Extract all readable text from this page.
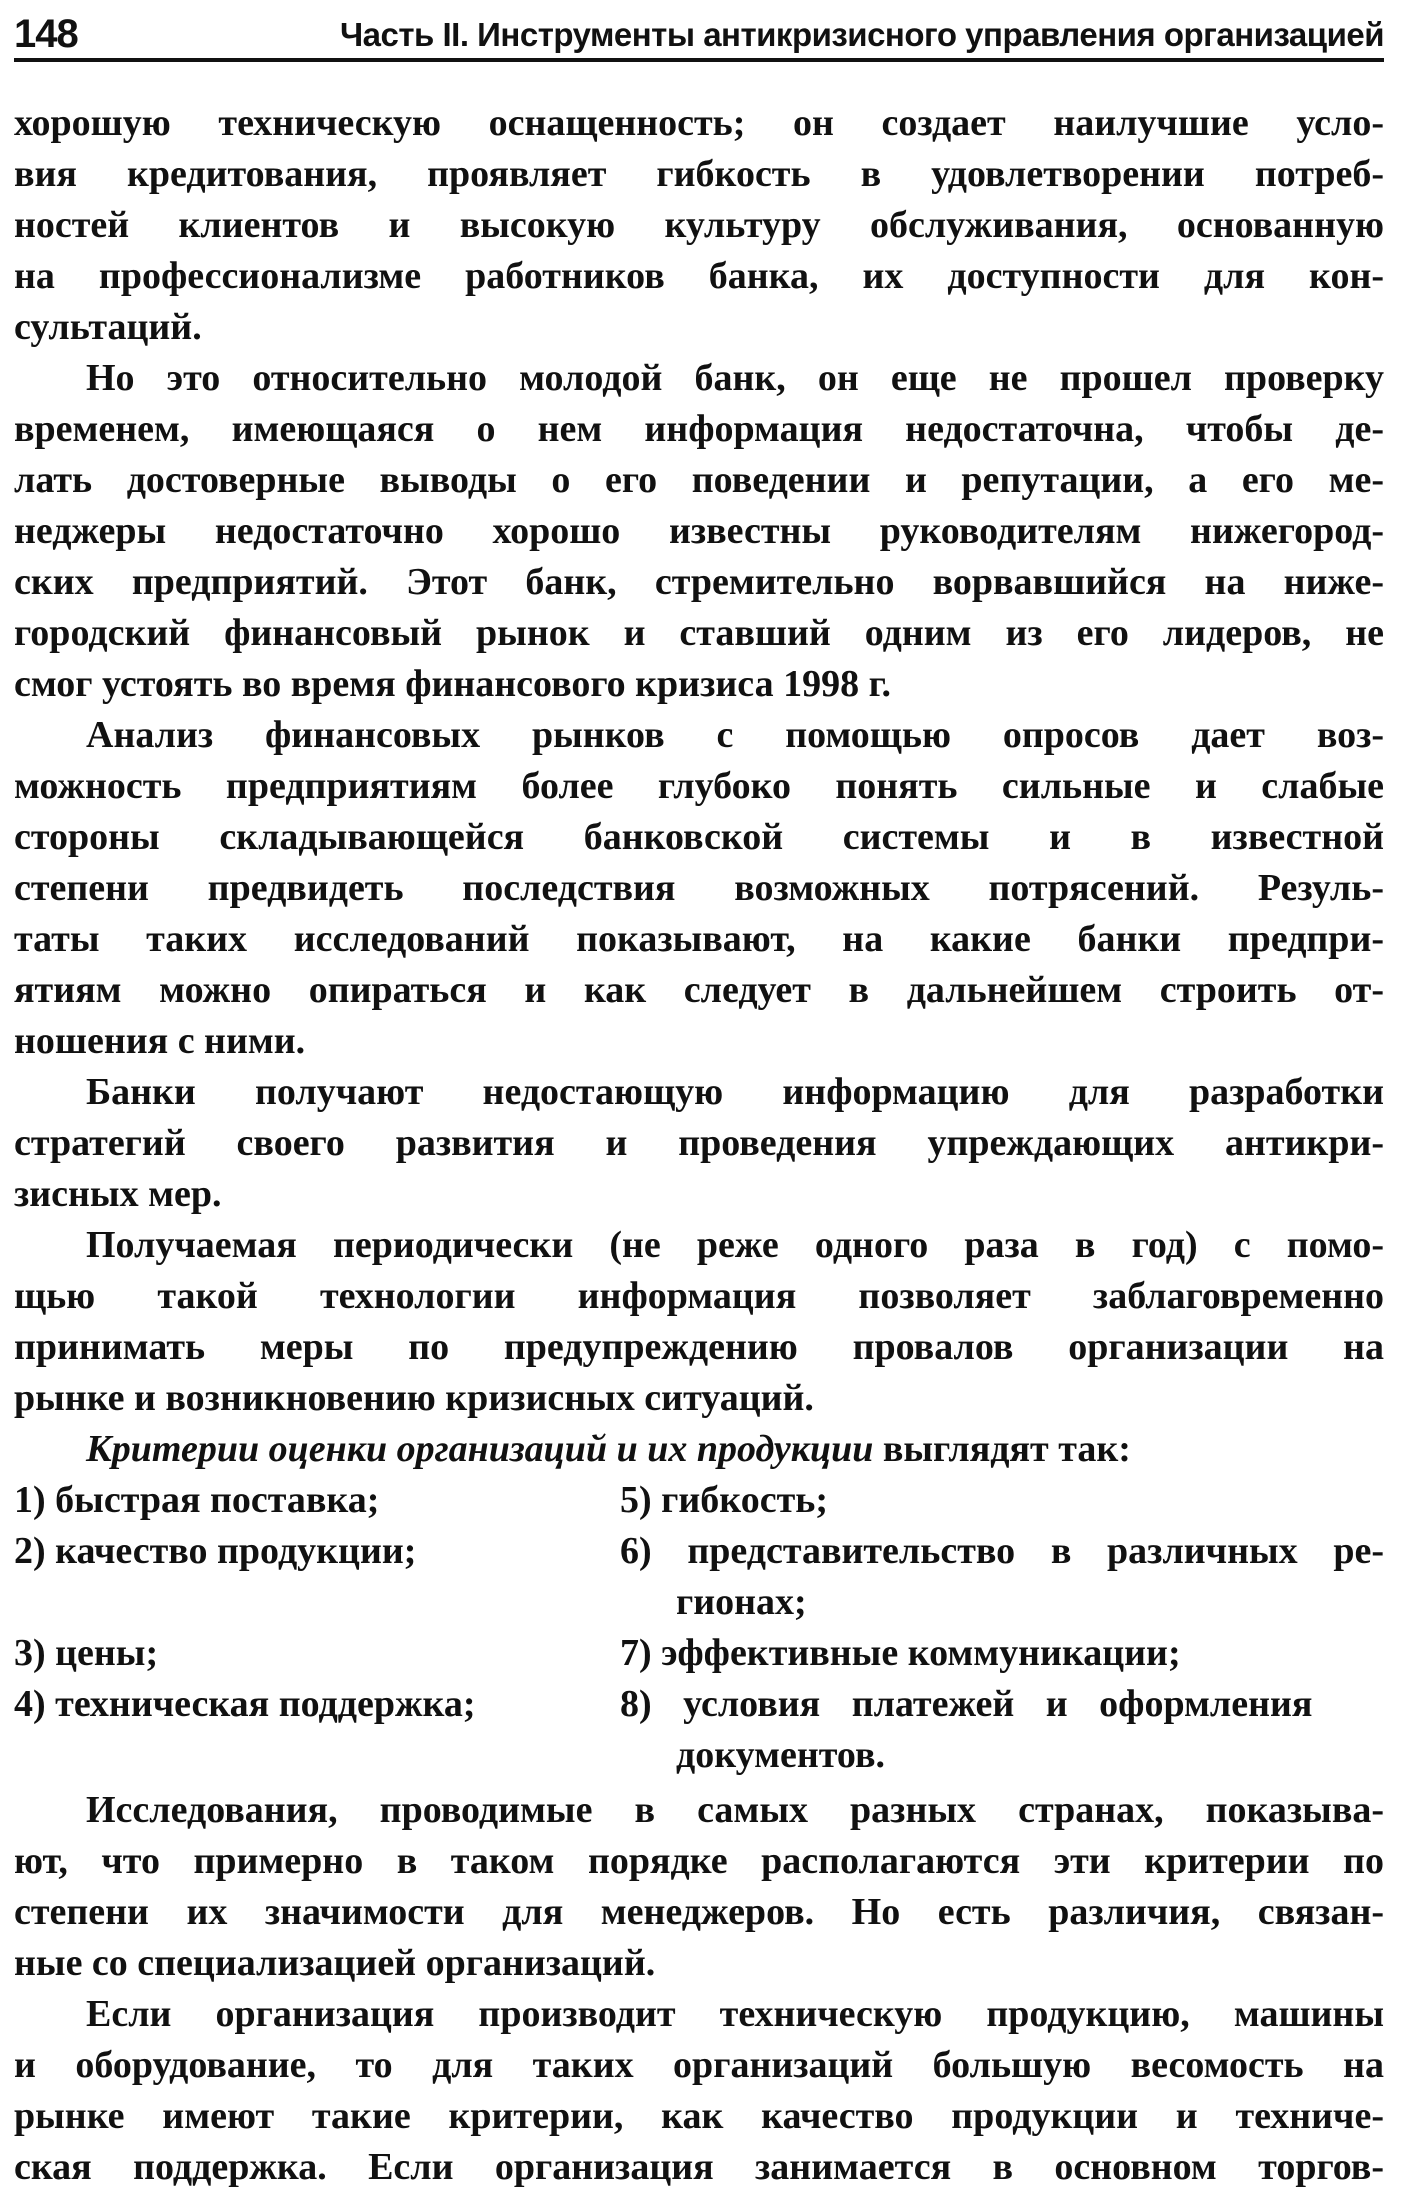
148	Часть II. Инструменты антикризисного управления организацией
хорошую техническую оснащенность; он создает наилучшие усло-
вия кредитования, проявляет гибкость в удовлетворении потреб-
ностей клиентов и высокую культуру обслуживания, основанную
на профессионализме работников банка, их доступности для кон-
сультаций.
Но это относительно молодой банк, он еще не прошел проверку
временем, имеющаяся о нем информация недостаточна, чтобы де-
лать достоверные выводы о его поведении и репутации, а его ме-
неджеры недостаточно хорошо известны руководителям нижегород-
ских предприятий. Этот банк, стремительно ворвавшийся на ниже-
городский финансовый рынок и ставший одним из его лидеров, не
смог устоять во время финансового кризиса 1998 г.
Анализ финансовых рынков с помощью опросов дает воз-
можность предприятиям более глубоко понять сильные и слабые
стороны складывающейся банковской системы и в известной
степени предвидеть последствия возможных потрясений. Резуль-
таты таких исследований показывают, на какие банки предпри-
ятиям можно опираться и как следует в дальнейшем строить от-
ношения с ними.
Банки получают недостающую информацию для разработки
стратегий своего развития и проведения упреждающих антикри-
зисных мер.
Получаемая периодически (не реже одного раза в год) с помо-
щью такой технологии информация позволяет заблаговременно
принимать меры по предупреждению провалов организации на
рынке и возникновению кризисных ситуаций.
Критерии оценки организаций и их продукции выглядят так:
1) быстрая поставка;
2) качество продукции;
3) цены;
4) техническая поддержка;
5) гибкость;
6) представительство в различных ре-
гионах;
7) эффективные коммуникации;
8) условия платежей и оформления
документов.
Исследования, проводимые в самых разных странах, показыва-
ют, что примерно в таком порядке располагаются эти критерии по
степени их значимости для менеджеров. Но есть различия, связан-
ные со специализацией организаций.
Если организация производит техническую продукцию, машины
и оборудование, то для таких организаций большую весомость на
рынке имеют такие критерии, как качество продукции и техниче-
ская поддержка. Если организация занимается в основном торгов-
